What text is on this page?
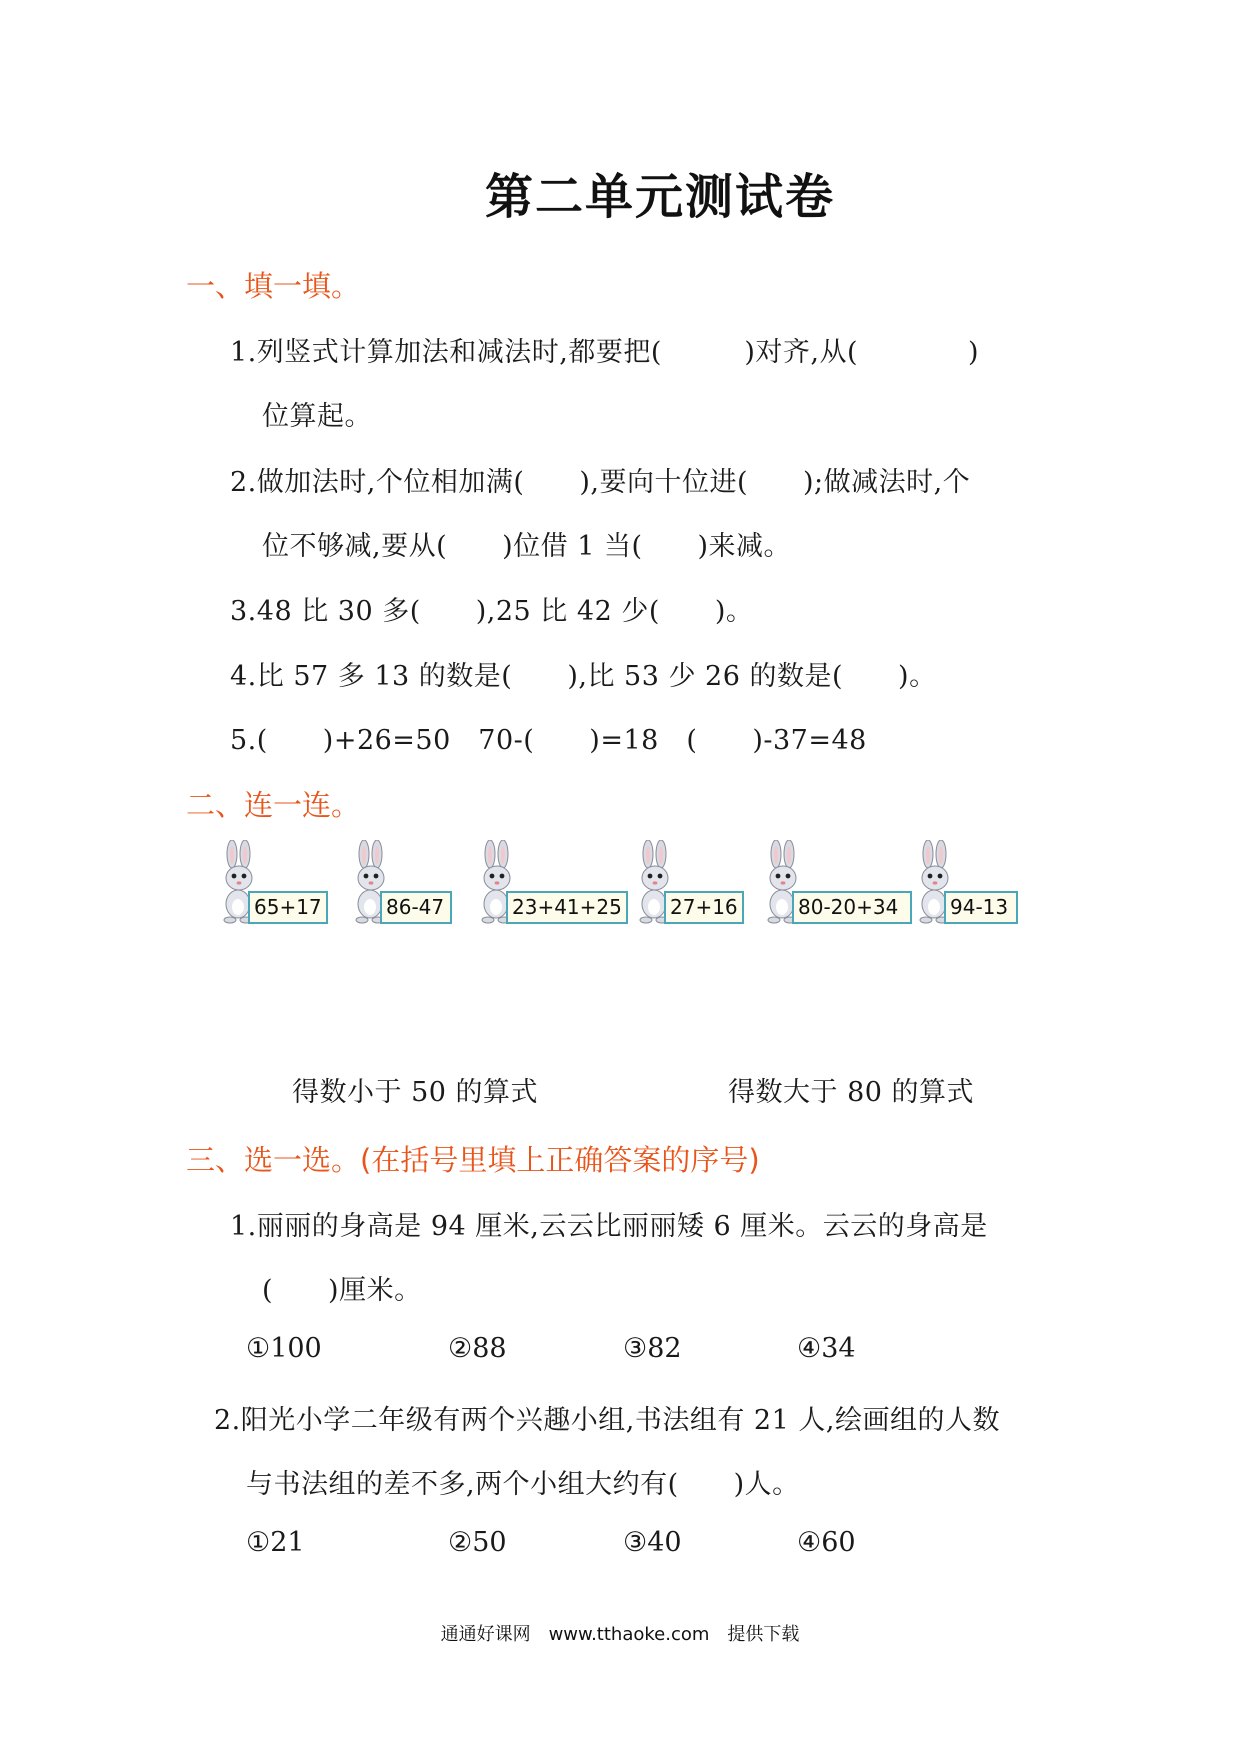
第二单元测试卷
一、填一填。
1.列竖式计算加法和减法时,都要把(　　　)对齐,从(　　　　)
位算起。
2.做加法时,个位相加满(　　),要向十位进(　　);做减法时,个
位不够减,要从(　　)位借 1 当(　　)来减。
3.48 比 30 多(　　),25 比 42 少(　　)。
4.比 57 多 13 的数是(　　),比 53 少 26 的数是(　　)。
5.(　　)+26=50　70-(　　)=18　(　　)-37=48
二、连一连。
65+17	86-47	23+41+25	27+16	80-20+34	94-13
得数小于 50 的算式	得数大于 80 的算式
三、选一选。(在括号里填上正确答案的序号)
1.丽丽的身高是 94 厘米,云云比丽丽矮 6 厘米。云云的身高是
(　　)厘米。
①100	②88	③82	④34
2.阳光小学二年级有两个兴趣小组,书法组有 21 人,绘画组的人数
与书法组的差不多,两个小组大约有(　　)人。
①21	②50	③40	④60
通通好课网　www.tthaoke.com　提供下载
